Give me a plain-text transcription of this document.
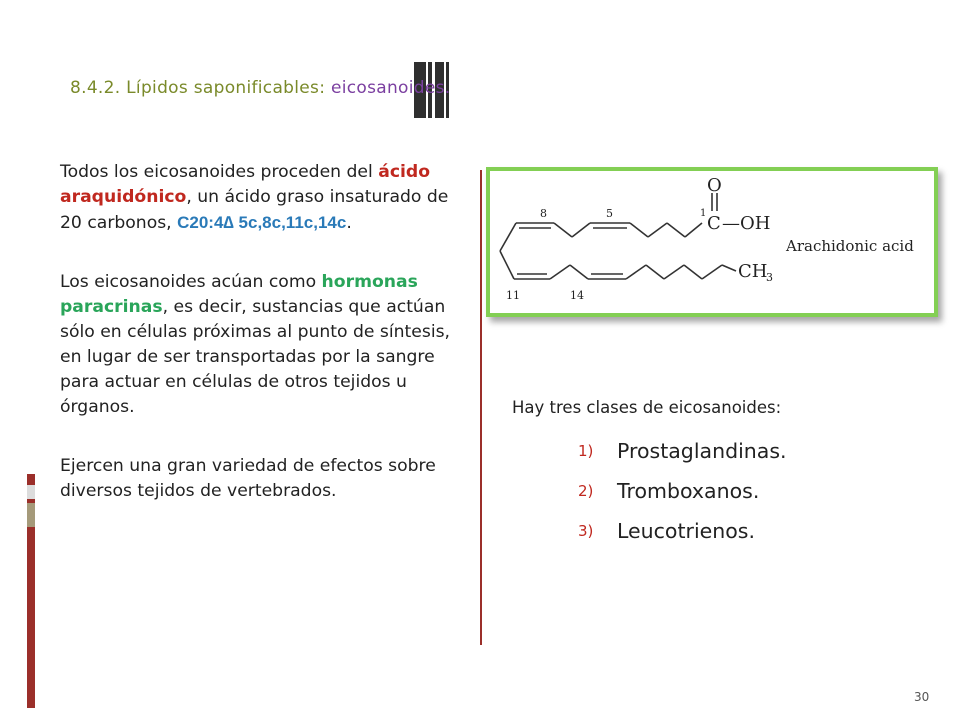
8.4.2. Lípidos saponificables: eicosanoides.

Todos los eicosanoides proceden del ácido araquidónico, un ácido graso insaturado de 20 carbonos, C20:4∆ 5c,8c,11c,14c.

Los eicosanoides acúan como hormonas paracrinas, es decir, sustancias que actúan sólo en células próximas al punto de síntesis, en lugar de ser transportadas por la sangre para actuar en células de otros tejidos u órganos.

Ejercen una gran variedad de efectos sobre diversos tejidos de vertebrados.

O
1 C —OH
CH
3
8	5
11	14
Arachidonic acid

Hay tres clases de eicosanoides:

1) Prostaglandinas.
2) Tromboxanos.
3) Leucotrienos.
30
